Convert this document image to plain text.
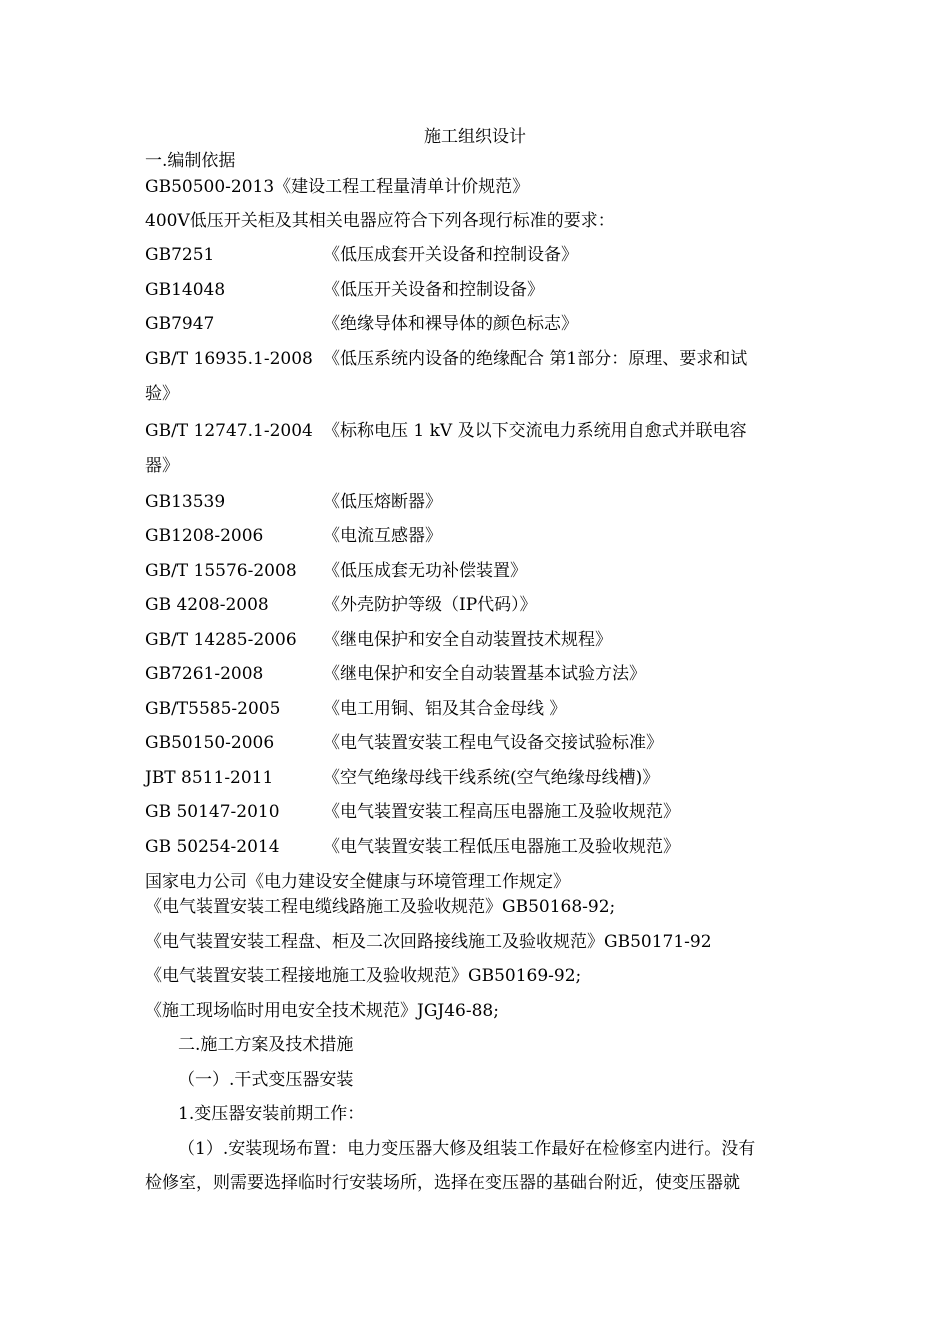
施工组织设计
一.编制依据
GB50500-2013《建设工程工程量清单计价规范》
400V低压开关柜及其相关电器应符合下列各现行标准的要求：
GB7251	《低压成套开关设备和控制设备》
GB14048	《低压开关设备和控制设备》
GB7947	《绝缘导体和裸导体的颜色标志》
GB/T 16935.1-2008 《低压系统内设备的绝缘配合 第1部分：原理、要求和试
验》
GB/T 12747.1-2004 《标称电压 1 kV 及以下交流电力系统用自愈式并联电容
器》
GB13539	《低压熔断器》
GB1208-2006	《电流互感器》
GB/T 15576-2008 《低压成套无功补偿装置》
GB 4208-2008	《外壳防护等级（IP代码）》
GB/T 14285-2006 《继电保护和安全自动装置技术规程》
GB7261-2008	《继电保护和安全自动装置基本试验方法》
GB/T5585-2005	《电工用铜、铝及其合金母线 》
GB50150-2006	《电气装置安装工程电气设备交接试验标准》
JBT 8511-2011	《空气绝缘母线干线系统(空气绝缘母线槽)》
GB 50147-2010	《电气装置安装工程高压电器施工及验收规范》
GB 50254-2014	《电气装置安装工程低压电器施工及验收规范》
国家电力公司《电力建设安全健康与环境管理工作规定》
《电气装置安装工程电缆线路施工及验收规范》GB50168-92;
《电气装置安装工程盘、柜及二次回路接线施工及验收规范》GB50171-92
《电气装置安装工程接地施工及验收规范》GB50169-92;
《施工现场临时用电安全技术规范》JGJ46-88;
二.施工方案及技术措施
（一）.干式变压器安装
1.变压器安装前期工作：
（1）.安装现场布置：电力变压器大修及组装工作最好在检修室内进行。没有
检修室，则需要选择临时行安装场所，选择在变压器的基础台附近，使变压器就
